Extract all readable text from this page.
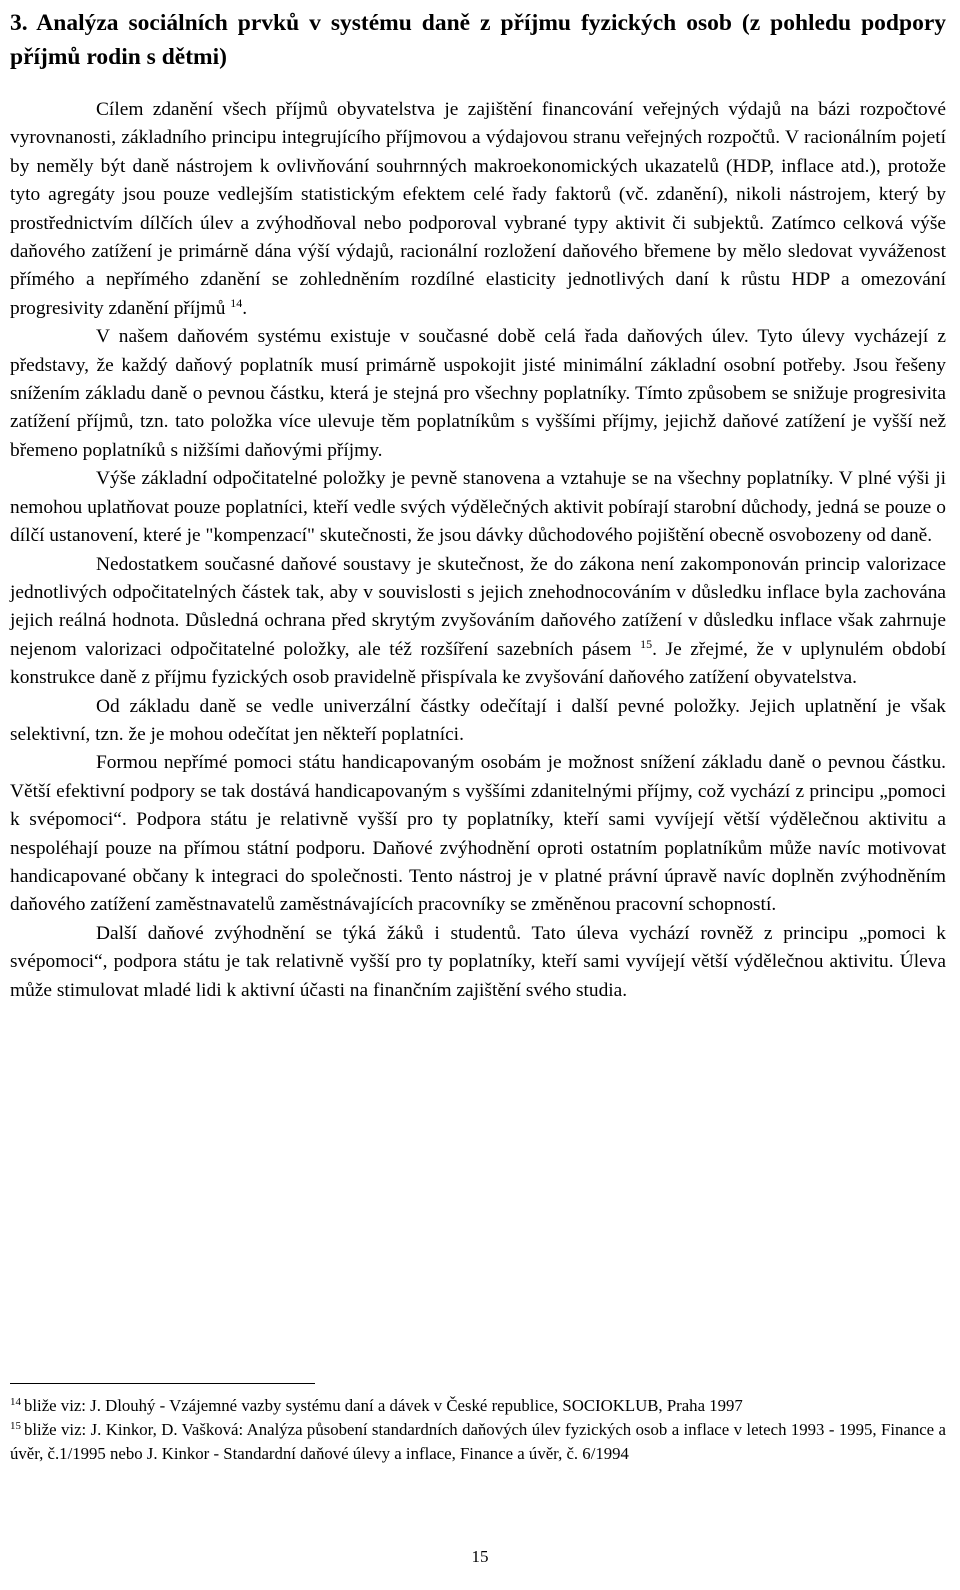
3. Analýza sociálních prvků v systému daně z příjmu fyzických osob (z pohledu podpory příjmů rodin s dětmi)

Cílem zdanění všech příjmů obyvatelstva je zajištění financování veřejných výdajů na bázi rozpočtové vyrovnanosti, základního principu integrujícího příjmovou a výdajovou stranu veřejných rozpočtů. V racionálním pojetí by neměly být daně nástrojem k ovlivňování souhrnných makroekonomických ukazatelů (HDP, inflace atd.), protože tyto agregáty jsou pouze vedlejším statistickým efektem celé řady faktorů (vč. zdanění), nikoli nástrojem, který by prostřednictvím dílčích úlev a zvýhodňoval nebo podporoval vybrané typy aktivit či subjektů. Zatímco celková výše daňového zatížení je primárně dána výší výdajů, racionální rozložení daňového břemene by mělo sledovat vyváženost přímého a nepřímého zdanění se zohledněním rozdílné elasticity jednotlivých daní k růstu HDP a omezování progresivity zdanění příjmů $^{14}$.

V našem daňovém systému existuje v současné době celá řada daňových úlev. Tyto úlevy vycházejí z představy, že každý daňový poplatník musí primárně uspokojit jisté minimální základní osobní potřeby. Jsou řešeny snížením základu daně o pevnou částku, která je stejná pro všechny poplatníky. Tímto způsobem se snižuje progresivita zatížení příjmů, tzn. tato položka více ulevuje těm poplatníkům s vyššími příjmy, jejichž daňové zatížení je vyšší než břemeno poplatníků s nižšími daňovými příjmy.

Výše základní odpočitatelné položky je pevně stanovena a vztahuje se na všechny poplatníky. V plné výši ji nemohou uplatňovat pouze poplatníci, kteří vedle svých výdělečných aktivit pobírají starobní důchody, jedná se pouze o dílčí ustanovení, které je "kompenzací" skutečnosti, že jsou dávky důchodového pojištění obecně osvobozeny od daně.

Nedostatkem současné daňové soustavy je skutečnost, že do zákona není zakomponován princip valorizace jednotlivých odpočitatelných částek tak, aby v souvislosti s jejich znehodnocováním v důsledku inflace byla zachována jejich reálná hodnota. Důsledná ochrana před skrytým zvyšováním daňového zatížení v důsledku inflace však zahrnuje nejenom valorizaci odpočitatelné položky, ale též rozšíření sazebních pásem $^{15}$. Je zřejmé, že v uplynulém období konstrukce daně z příjmu fyzických osob pravidelně přispívala ke zvyšování daňového zatížení obyvatelstva.

Od základu daně se vedle univerzální částky odečítají i další pevné položky. Jejich uplatnění je však selektivní, tzn. že je mohou odečítat jen někteří poplatníci.

Formou nepřímé pomoci státu handicapovaným osobám je možnost snížení základu daně o pevnou částku. Větší efektivní podpory se tak dostává handicapovaným s vyššími zdanitelnými příjmy, což vychází z principu „pomoci k svépomoci“. Podpora státu je relativně vyšší pro ty poplatníky, kteří sami vyvíjejí větší výdělečnou aktivitu a nespoléhají pouze na přímou státní podporu. Daňové zvýhodnění oproti ostatním poplatníkům může navíc motivovat handicapované občany k integraci do společnosti. Tento nástroj je v platné právní úpravě navíc doplněn zvýhodněním daňového zatížení zaměstnavatelů zaměstnávajících pracovníky se změněnou pracovní schopností.

Další daňové zvýhodnění se týká žáků i studentů. Tato úleva vychází rovněž z principu „pomoci k svépomoci“, podpora státu je tak relativně vyšší pro ty poplatníky, kteří sami vyvíjejí větší výdělečnou aktivitu. Úleva může stimulovat mladé lidi k aktivní účasti na finančním zajištění svého studia.

$^{14}$ bliže viz: J. Dlouhý - Vzájemné vazby systému daní a dávek v České republice, SOCIOKLUB, Praha 1997

$^{15}$ bliže viz: J. Kinkor, D. Vašková: Analýza působení standardních daňových úlev fyzických osob a inflace v letech 1993 - 1995, Finance a úvěr, č.1/1995 nebo J. Kinkor - Standardní daňové úlevy a inflace, Finance a úvěr, č. 6/1994

15
